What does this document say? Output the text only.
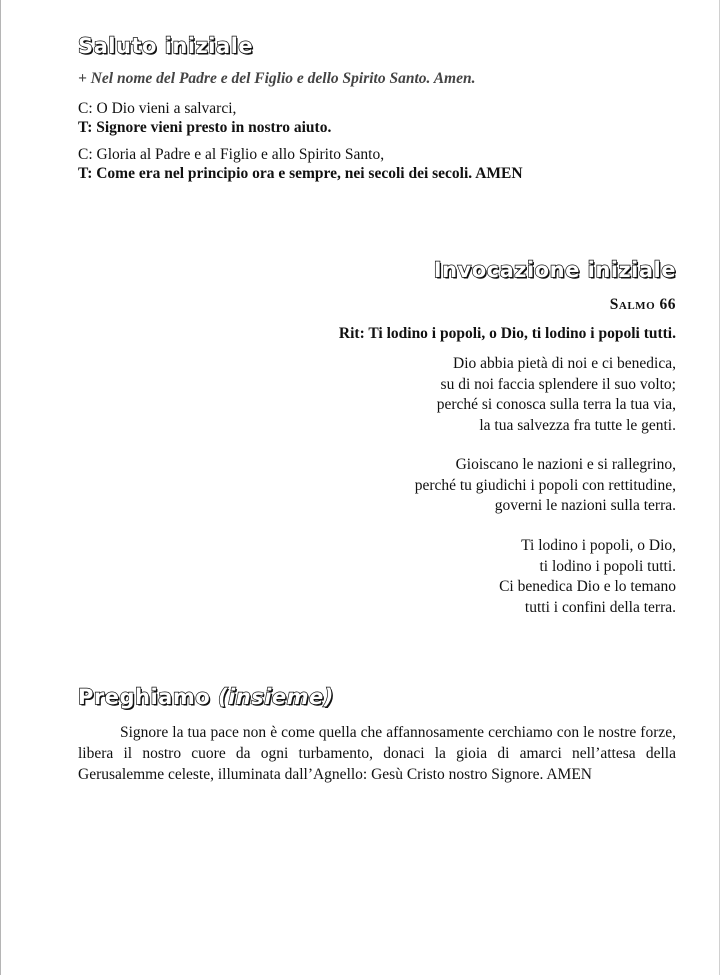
Saluto iniziale
+ Nel nome del Padre e del Figlio e dello Spirito Santo. Amen.
C: O Dio vieni a salvarci,
T: Signore vieni presto in nostro aiuto.
C: Gloria al Padre e al Figlio e allo Spirito Santo,
T: Come era nel principio ora e sempre, nei secoli dei secoli. AMEN
Invocazione iniziale
Salmo 66
Rit: Ti lodino i popoli, o Dio, ti lodino i popoli tutti.
Dio abbia pietà di noi e ci benedica,
su di noi faccia splendere il suo volto;
perché si conosca sulla terra la tua via,
la tua salvezza fra tutte le genti.
Gioiscano le nazioni e si rallegrino,
perché tu giudichi i popoli con rettitudine,
governi le nazioni sulla terra.
Ti lodino i popoli, o Dio,
ti lodino i popoli tutti.
Ci benedica Dio e lo temano
tutti i confini della terra.
Preghiamo (insieme)
Signore la tua pace non è come quella che affannosamente cerchiamo con le nostre forze, libera il nostro cuore da ogni turbamento, donaci la gioia di amarci nell’attesa della Gerusalemme celeste, illuminata dall’Agnello: Gesù Cristo nostro Signore. AMEN
